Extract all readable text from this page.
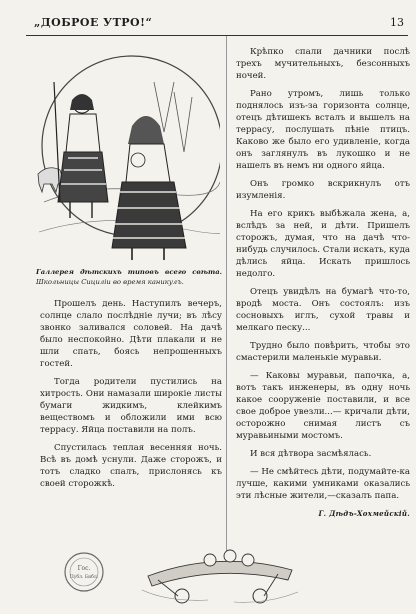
„ДОБРОЕ УТРО!“	13
Галлерея дѣтскихъ типовъ всего свѣта. Школьницы Сициліи во время каникулъ.

Прошелъ день. Наступилъ вечеръ, солнце слало послѣдніе лучи; въ лѣсу звонко заливался соловей. На дачѣ было неспокойно. Дѣти плакали и не шли спать, боясь непрошенныхъ гостей.

Тогда родители пустились на хитрость. Они намазали широкіе листы бумаги жидкимъ, клейкимъ веществомъ и обложили ими всю террасу. Яйца поставили на полъ.

Спустилась теплая весенняя ночь. Всѣ въ домѣ уснули. Даже сторожъ, и тотъ сладко спалъ, прислонясь къ своей сторожкѣ.

Крѣпко спали дачники послѣ трехъ мучительныхъ, безсонныхъ ночей.

Рано утромъ, лишь только поднялось изъ-за горизонта солнце, отецъ дѣтишекъ всталъ и вышелъ на террасу, послушать пѣніе птицъ. Каково же было его удивленіе, когда онъ заглянулъ въ лукошко и не нашелъ въ немъ ни одного яйца.

Онъ громко вскрикнулъ отъ изумленія.

На его крикъ выбѣжала жена, а, вслѣдъ за ней, и дѣти. Пришелъ сторожъ, думая, что на дачѣ что-нибудь случилось. Стали искать, куда дѣлись яйца. Искать пришлось недолго.

Отецъ увидѣлъ на бумагѣ что-то, вродѣ моста. Онъ состоялъ: изъ сосновыхъ иглъ, сухой травы и мелкаго песку...

Трудно было повѣрить, чтобы это смастерили маленькіе муравьи.

— Каковы муравьи, папочка, а, вотъ такъ инженеры, въ одну ночь какое сооруженіе поставили, и все свое доброе увезли...— кричали дѣти, осторожно снимая листъ съ муравьиными мостомъ.

И вся дѣтвора засмѣялась.

— Не смѣйтесь дѣти, подумайте-ка лучше, какими умниками оказались эти лѣсные жители,—сказалъ папа.

Г. Дѣдъ-Хохмейскій.
Гос.
Публ. Библ.
